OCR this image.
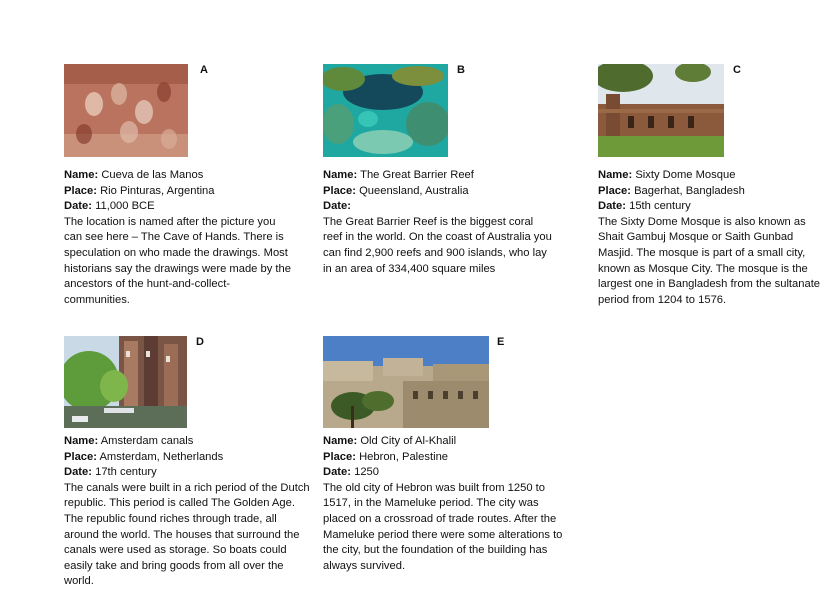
A

Name: Cueva de las Manos

Place: Rio Pinturas, Argentina

Date: 11,000 BCE

The location is named after the picture you can see here – The Cave of Hands. There is speculation on who made the drawings. Most historians say the drawings were made by the ancestors of the hunt-and-collect-communities.

B

Name: The Great Barrier Reef

Place: Queensland, Australia

Date:

The Great Barrier Reef is the biggest coral reef in the world. On the coast of Australia you can find 2,900 reefs and 900 islands, who lay in an area of 334,400 square miles

C

Name: Sixty Dome Mosque

Place: Bagerhat, Bangladesh

Date: 15th century

The Sixty Dome Mosque is also known as Shait Gambuj Mosque or Saith Gunbad Masjid. The mosque is part of a small city, known as Mosque City. The mosque is the largest one in Bangladesh from the sultanate period from 1204 to 1576.

D

Name: Amsterdam canals

Place: Amsterdam, Netherlands

Date: 17th century

The canals were built in a rich period of the Dutch republic. This period is called The Golden Age. The republic found riches through trade, all around the world. The houses that surround the canals were used as storage. So boats could easily take and bring goods from all over the world.

E

Name: Old City of Al-Khalil

Place: Hebron, Palestine

Date: 1250

The old city of Hebron was built from 1250 to 1517, in the Mameluke period. The city was placed on a crossroad of trade routes. After the Mameluke period there were some alterations to the city, but the foundation of the building has always survived.
